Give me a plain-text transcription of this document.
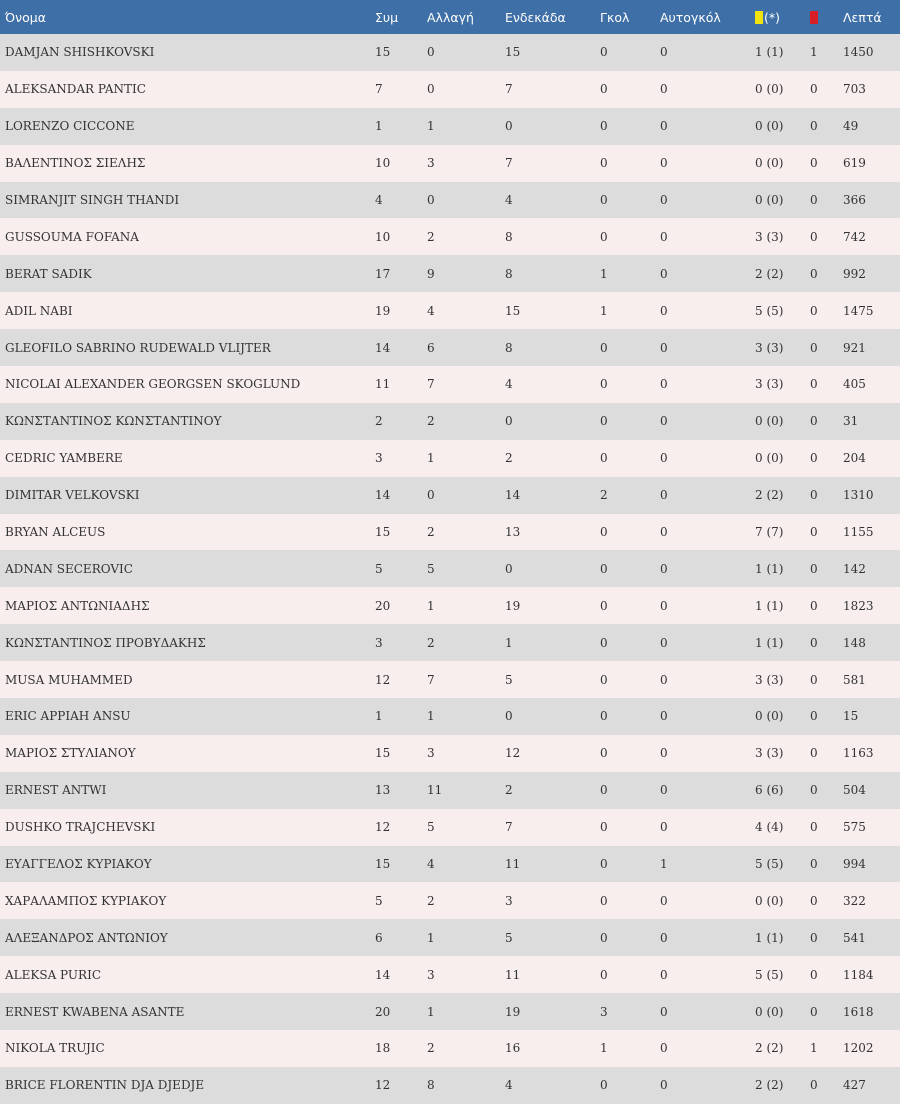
Όνομα	Συμ	Αλλαγή	Ενδεκάδα	Γκολ	Αυτογκόλ	(*)		Λεπτά
DAMJAN SHISHKOVSKI	15	0	15	0	0	1 (1)	1	1450
ALEKSANDAR PANTIC	7	0	7	0	0	0 (0)	0	703
LORENZO CICCONE	1	1	0	0	0	0 (0)	0	49
ΒΑΛΕΝΤΙΝΟΣ ΣΙΕΛΗΣ	10	3	7	0	0	0 (0)	0	619
SIMRANJIT SINGH THANDI	4	0	4	0	0	0 (0)	0	366
GUSSOUMA FOFANA	10	2	8	0	0	3 (3)	0	742
BERAT SADIK	17	9	8	1	0	2 (2)	0	992
ADIL NABI	19	4	15	1	0	5 (5)	0	1475
GLEOFILO SABRINO RUDEWALD VLIJTER	14	6	8	0	0	3 (3)	0	921
NICOLAI ALEXANDER GEORGSEN SKOGLUND	11	7	4	0	0	3 (3)	0	405
ΚΩΝΣΤΑΝΤΙΝΟΣ ΚΩΝΣΤΑΝΤΙΝΟΥ	2	2	0	0	0	0 (0)	0	31
CEDRIC YAMBERE	3	1	2	0	0	0 (0)	0	204
DIMITAR VELKOVSKI	14	0	14	2	0	2 (2)	0	1310
BRYAN ALCEUS	15	2	13	0	0	7 (7)	0	1155
ADNAN SECEROVIC	5	5	0	0	0	1 (1)	0	142
ΜΑΡΙΟΣ ΑΝΤΩΝΙΑΔΗΣ	20	1	19	0	0	1 (1)	0	1823
ΚΩΝΣΤΑΝΤΙΝΟΣ ΠΡΟΒΥΔΑΚΗΣ	3	2	1	0	0	1 (1)	0	148
MUSA MUHAMMED	12	7	5	0	0	3 (3)	0	581
ERIC APPIAH ANSU	1	1	0	0	0	0 (0)	0	15
ΜΑΡΙΟΣ ΣΤΥΛΙΑΝΟΥ	15	3	12	0	0	3 (3)	0	1163
ERNEST ANTWI	13	11	2	0	0	6 (6)	0	504
DUSHKO TRAJCHEVSKI	12	5	7	0	0	4 (4)	0	575
ΕΥΑΓΓΕΛΟΣ ΚΥΡΙΑΚΟΥ	15	4	11	0	1	5 (5)	0	994
ΧΑΡΑΛΑΜΠΟΣ ΚΥΡΙΑΚΟΥ	5	2	3	0	0	0 (0)	0	322
ΑΛΕΞΑΝΔΡΟΣ ΑΝΤΩΝΙΟΥ	6	1	5	0	0	1 (1)	0	541
ALEKSA PURIC	14	3	11	0	0	5 (5)	0	1184
ERNEST KWABENA ASANTE	20	1	19	3	0	0 (0)	0	1618
NIKOLA TRUJIC	18	2	16	1	0	2 (2)	1	1202
BRICE FLORENTIN DJA DJEDJE	12	8	4	0	0	2 (2)	0	427
